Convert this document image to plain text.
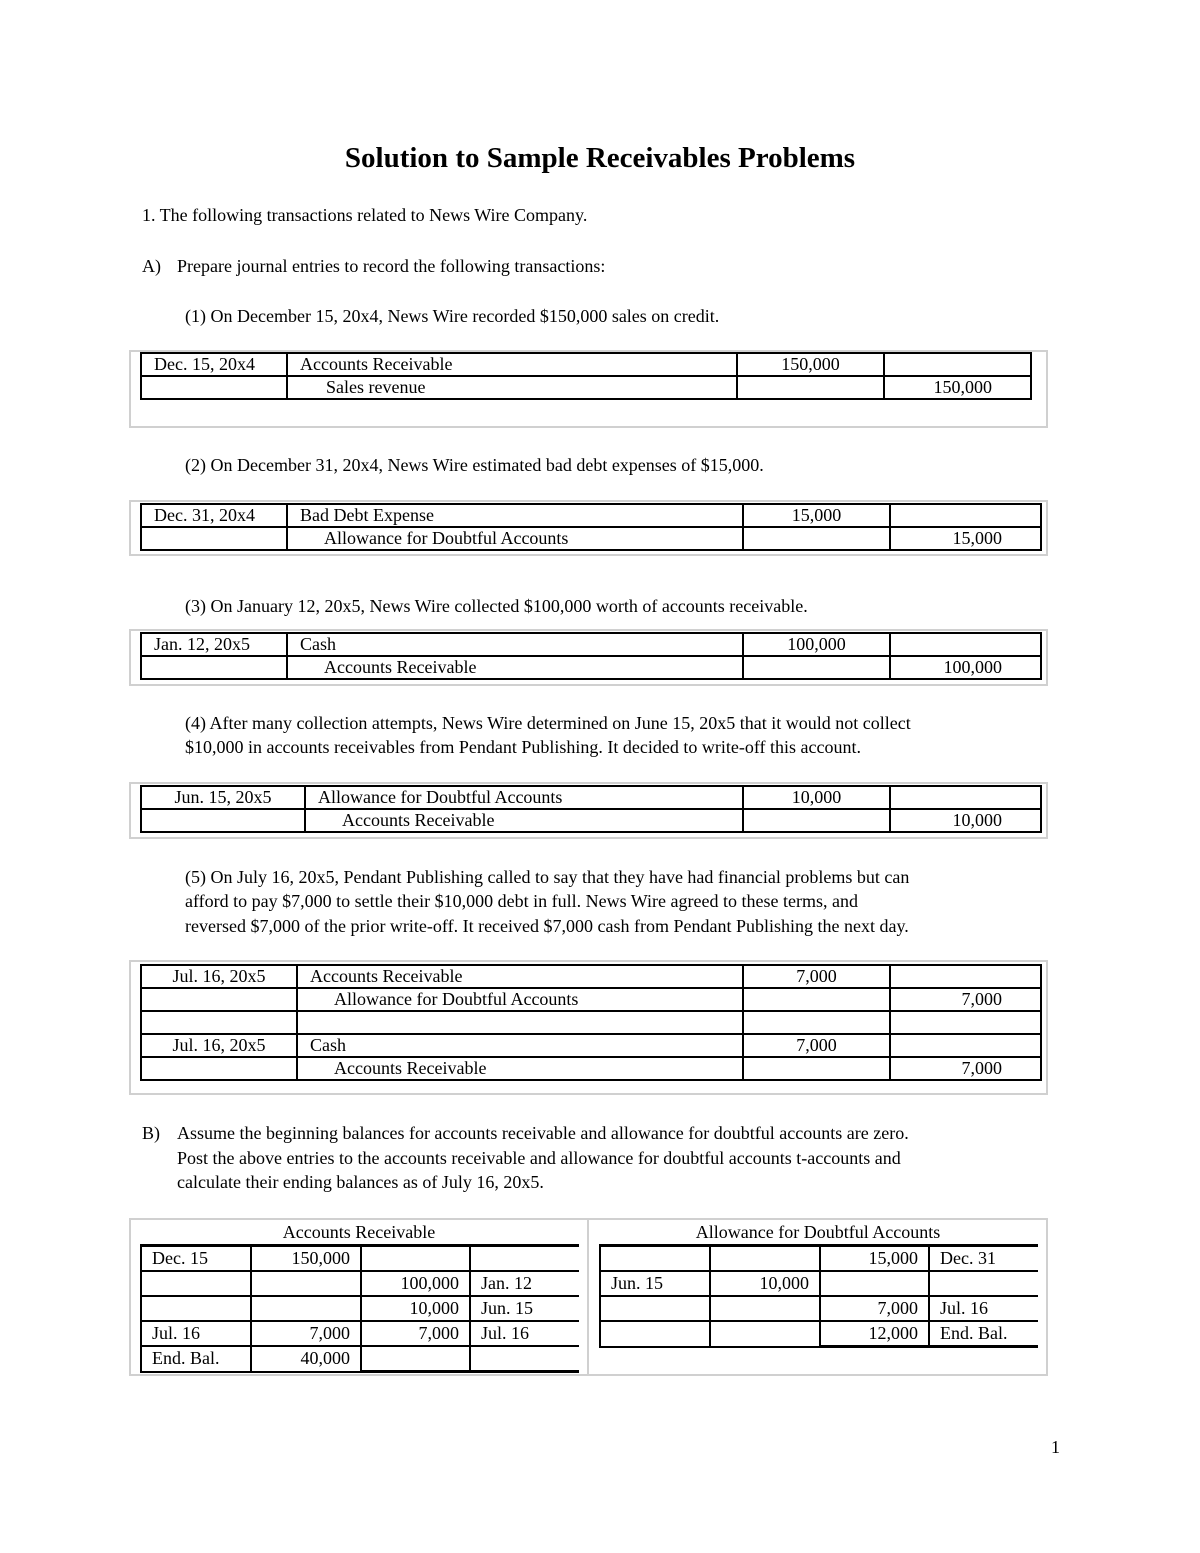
Solution to Sample Receivables Problems
1. The following transactions related to News Wire Company.
A) Prepare journal entries to record the following transactions:
(1) On December 15, 20x4, News Wire recorded $150,000 sales on credit.
Dec. 15, 20x4	Accounts Receivable	150,000	
	Sales revenue		150,000
(2) On December 31, 20x4, News Wire estimated bad debt expenses of $15,000.
Dec. 31, 20x4	Bad Debt Expense	15,000	
	Allowance for Doubtful Accounts		15,000
(3) On January 12, 20x5, News Wire collected $100,000 worth of accounts receivable.
Jan. 12, 20x5	Cash	100,000	
	Accounts Receivable		100,000
(4) After many collection attempts, News Wire determined on June 15, 20x5 that it would not collect
$10,000 in accounts receivables from Pendant Publishing. It decided to write-off this account.
Jun. 15, 20x5	Allowance for Doubtful Accounts	10,000	
	Accounts Receivable		10,000
(5) On July 16, 20x5, Pendant Publishing called to say that they have had financial problems but can
afford to pay $7,000 to settle their $10,000 debt in full. News Wire agreed to these terms, and
reversed $7,000 of the prior write-off. It received $7,000 cash from Pendant Publishing the next day.
Jul. 16, 20x5	Accounts Receivable	7,000	
	Allowance for Doubtful Accounts		7,000

Jul. 16, 20x5	Cash	7,000	
	Accounts Receivable		7,000
B) Assume the beginning balances for accounts receivable and allowance for doubtful accounts are zero.
Post the above entries to the accounts receivable and allowance for doubtful accounts t-accounts and
calculate their ending balances as of July 16, 20x5.
Accounts Receivable
Dec. 15	150,000		
		100,000	Jan. 12
		10,000	Jun. 15
Jul. 16	7,000	7,000	Jul. 16
End. Bal.	40,000		
Allowance for Doubtful Accounts
		15,000	Dec. 31
Jun. 15	10,000		
		7,000	Jul. 16
		12,000	End. Bal.
1
